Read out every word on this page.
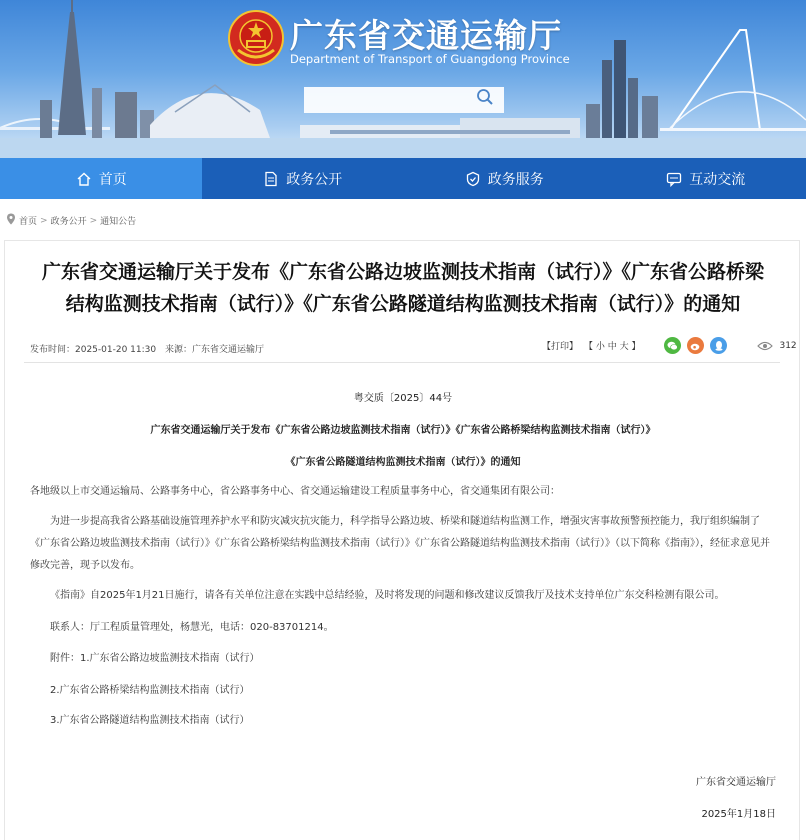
广东省交通运输厅
Department of Transport of Guangdong Province
首页	政务公开	政务服务	互动交流
首页 > 政务公开 > 通知公告
广东省交通运输厅关于发布《广东省公路边坡监测技术指南（试行）》《广东省公路桥梁
结构监测技术指南（试行）》《广东省公路隧道结构监测技术指南（试行）》的通知
发布时间：2025-01-20 11:30 来源：广东省交通运输厅	【打印】 【 小 中 大 】	312
粤交质〔2025〕44号
广东省交通运输厅关于发布《广东省公路边坡监测技术指南（试行）》《广东省公路桥梁结构监测技术指南（试行）》
《广东省公路隧道结构监测技术指南（试行）》的通知
各地级以上市交通运输局、公路事务中心，省公路事务中心、省交通运输建设工程质量事务中心，省交通集团有限公司：
为进一步提高我省公路基础设施管理养护水平和防灾减灾抗灾能力，科学指导公路边坡、桥梁和隧道结构监测工作，增强灾害事故预警预控能力，我厅组织编制了《广东省公路边坡监测技术指南（试行）》《广东省公路桥梁结构监测技术指南（试行）》《广东省公路隧道结构监测技术指南（试行）》（以下简称《指南》），经征求意见并修改完善，现予以发布。
《指南》自2025年1月21日施行，请各有关单位注意在实践中总结经验，及时将发现的问题和修改建议反馈我厅及技术支持单位广东交科检测有限公司。
联系人：厅工程质量管理处，杨慧光，电话：020-83701214。
附件：1.广东省公路边坡监测技术指南（试行）
2.广东省公路桥梁结构监测技术指南（试行）
3.广东省公路隧道结构监测技术指南（试行）
广东省交通运输厅
2025年1月18日
